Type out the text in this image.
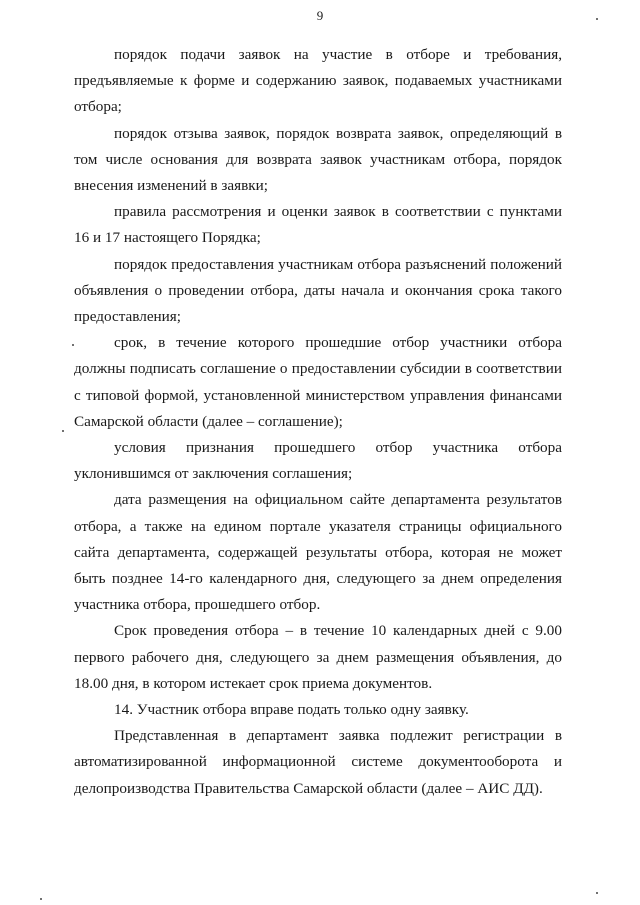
9

порядок подачи заявок на участие в отборе и требования, предъявляемые к форме и содержанию заявок, подаваемых участниками отбора;

порядок отзыва заявок, порядок возврата заявок, определяющий в том числе основания для возврата заявок участникам отбора, порядок внесения изменений в заявки;

правила рассмотрения и оценки заявок в соответствии с пунктами 16 и 17 настоящего Порядка;

порядок предоставления участникам отбора разъяснений положений объявления о проведении отбора, даты начала и окончания срока такого предоставления;

срок, в течение которого прошедшие отбор участники отбора должны подписать соглашение о предоставлении субсидии в соответствии с типовой формой, установленной министерством управления финансами Самарской области (далее – соглашение);

условия признания прошедшего отбор участника отбора уклонившимся от заключения соглашения;

дата размещения на официальном сайте департамента результатов отбора, а также на едином портале указателя страницы официального сайта департамента, содержащей результаты отбора, которая не может быть позднее 14-го календарного дня, следующего за днем определения участника отбора, прошедшего отбор.

Срок проведения отбора – в течение 10 календарных дней с 9.00 первого рабочего дня, следующего за днем размещения объявления, до 18.00 дня, в котором истекает срок приема документов.

14. Участник отбора вправе подать только одну заявку.

Представленная в департамент заявка подлежит регистрации в автоматизированной информационной системе документооборота и делопроизводства Правительства Самарской области (далее – АИС ДД).
